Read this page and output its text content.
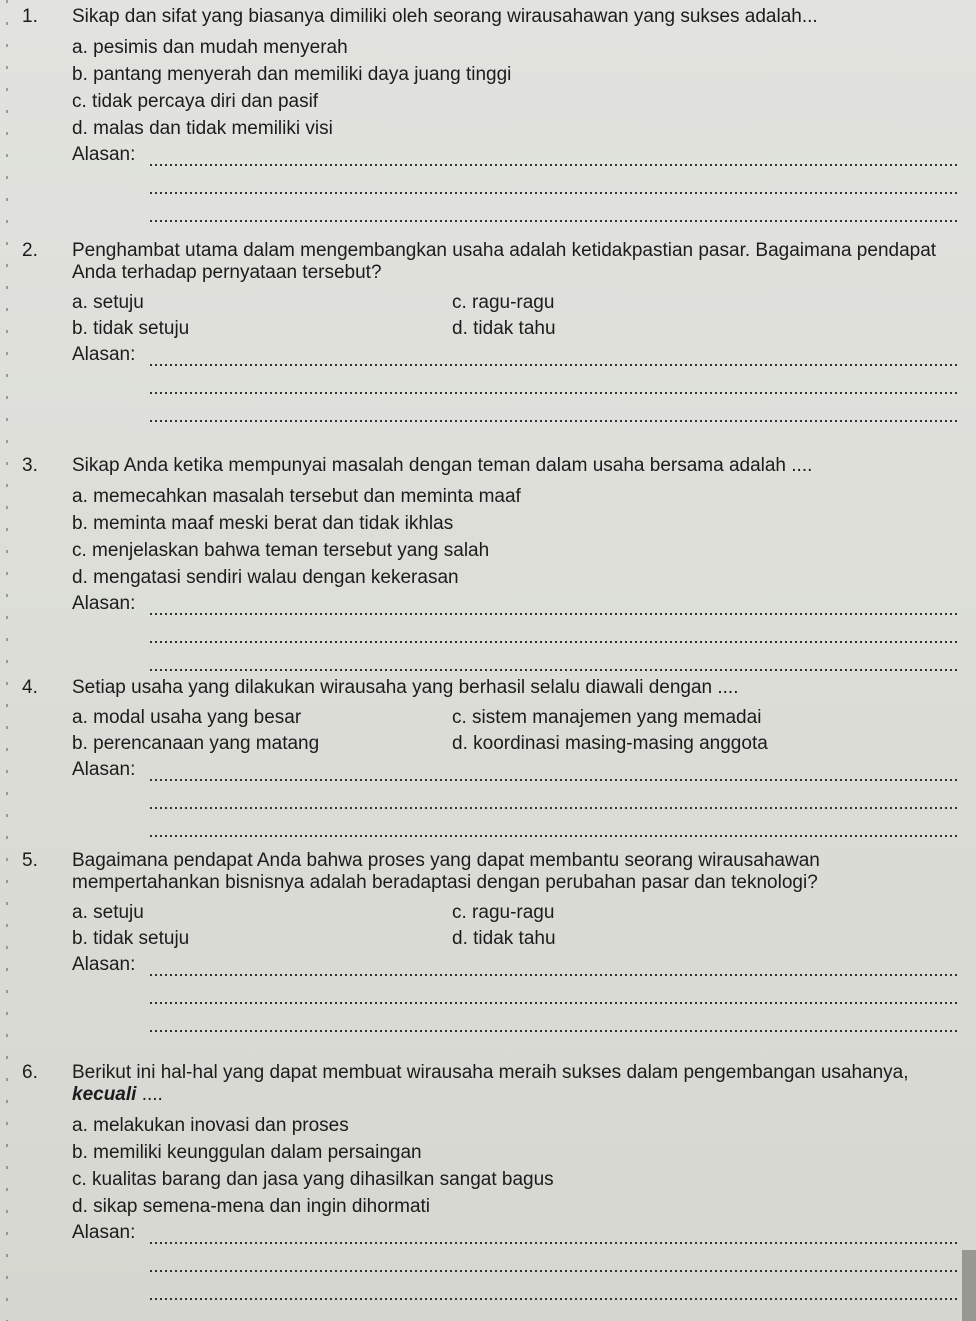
1. Sikap dan sifat yang biasanya dimiliki oleh seorang wirausahawan yang sukses adalah...
a. pesimis dan mudah menyerah
b. pantang menyerah dan memiliki daya juang tinggi
c. tidak percaya diri dan pasif
d. malas dan tidak memiliki visi
Alasan:
2. Penghambat utama dalam mengembangkan usaha adalah ketidakpastian pasar. Bagaimana pendapat Anda terhadap pernyataan tersebut?
a. setuju	c. ragu-ragu
b. tidak setuju	d. tidak tahu
Alasan:
3. Sikap Anda ketika mempunyai masalah dengan teman dalam usaha bersama adalah ....
a. memecahkan masalah tersebut dan meminta maaf
b. meminta maaf meski berat dan tidak ikhlas
c. menjelaskan bahwa teman tersebut yang salah
d. mengatasi sendiri walau dengan kekerasan
Alasan:
4. Setiap usaha yang dilakukan wirausaha yang berhasil selalu diawali dengan ....
a. modal usaha yang besar	c. sistem manajemen yang memadai
b. perencanaan yang matang	d. koordinasi masing-masing anggota
Alasan:
5. Bagaimana pendapat Anda bahwa proses yang dapat membantu seorang wirausahawan mempertahankan bisnisnya adalah beradaptasi dengan perubahan pasar dan teknologi?
a. setuju	c. ragu-ragu
b. tidak setuju	d. tidak tahu
Alasan:
6. Berikut ini hal-hal yang dapat membuat wirausaha meraih sukses dalam pengembangan usahanya, kecuali ....
a. melakukan inovasi dan proses
b. memiliki keunggulan dalam persaingan
c. kualitas barang dan jasa yang dihasilkan sangat bagus
d. sikap semena-mena dan ingin dihormati
Alasan:
